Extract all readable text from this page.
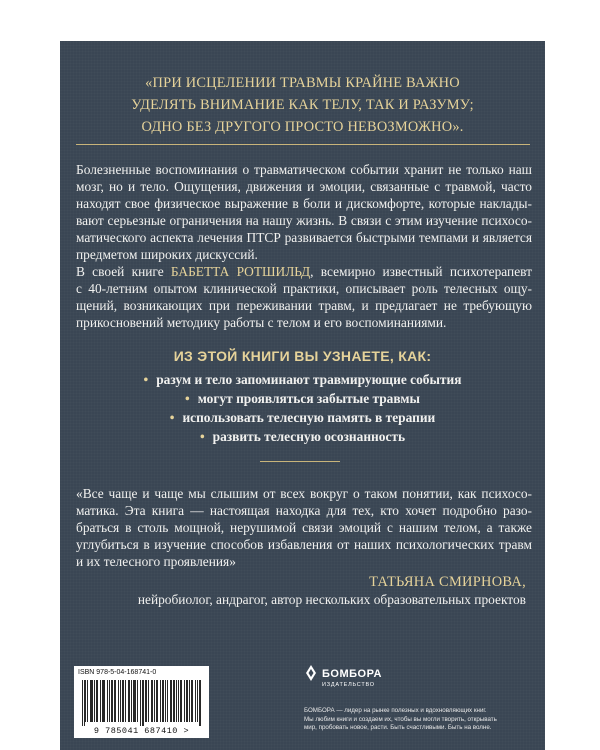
«ПРИ ИСЦЕЛЕНИИ ТРАВМЫ КРАЙНЕ ВАЖНО
УДЕЛЯТЬ ВНИМАНИЕ КАК ТЕЛУ, ТАК И РАЗУМУ;
ОДНО БЕЗ ДРУГОГО ПРОСТО НЕВОЗМОЖНО».
Болезненные воспоминания о травматическом событии хранит не только наш
мозг, но и тело. Ощущения, движения и эмоции, связанные с травмой, часто
находят свое физическое выражение в боли и дискомфорте, которые наклады-
вают серьезные ограничения на нашу жизнь. В связи с этим изучение психосо-
матического аспекта лечения ПТСР развивается быстрыми темпами и является
предметом широких дискуссий.
В своей книге БАБЕТТА РОТШИЛЬД, всемирно известный психотерапевт
с 40-летним опытом клинической практики, описывает роль телесных ощу-
щений, возникающих при переживании травм, и предлагает не требующую
прикосновений методику работы с телом и его воспоминаниями.
ИЗ ЭТОЙ КНИГИ ВЫ УЗНАЕТЕ, КАК:
• разум и тело запоминают травмирующие события
• могут проявляться забытые травмы
• использовать телесную память в терапии
• развить телесную осознанность
«Все чаще и чаще мы слышим от всех вокруг о таком понятии, как психосо-
матика. Эта книга — настоящая находка для тех, кто хочет подробно разо-
браться в столь мощной, нерушимой связи эмоций с нашим телом, а также
углубиться в изучение способов избавления от наших психологических травм
и их телесного проявления»
ТАТЬЯНА СМИРНОВА,
нейробиолог, андрагог, автор нескольких образовательных проектов
ISBN 978-5-04-168741-0
9 785041 687410 >
БОМБОРА
ИЗДАТЕЛЬСТВО
БОМБОРА — лидер на рынке полезных и вдохновляющих книг.
Мы любим книги и создаем их, чтобы вы могли творить, открывать
мир, пробовать новое, расти. Быть счастливыми. Быть на волне.
